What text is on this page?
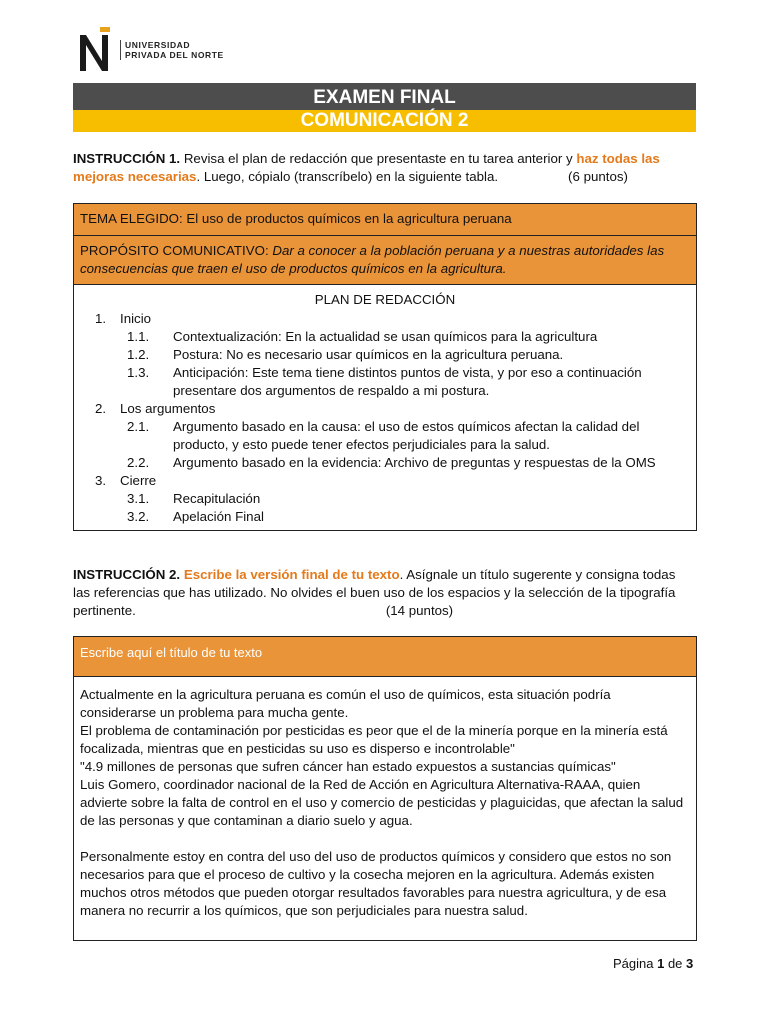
UNIVERSIDAD
PRIVADA DEL NORTE
EXAMEN FINAL
COMUNICACIÓN 2
INSTRUCCIÓN 1. Revisa el plan de redacción que presentaste en tu tarea anterior y haz todas las mejoras necesarias. Luego, cópialo (transcríbelo) en la siguiente tabla.	(6 puntos)
TEMA ELEGIDO: El uso de productos químicos en la agricultura peruana
PROPÓSITO COMUNICATIVO: Dar a conocer a la población peruana y a nuestras autoridades las consecuencias que traen el uso de productos químicos en la agricultura.
PLAN DE REDACCIÓN
1.	Inicio
1.1.	Contextualización: En la actualidad se usan químicos para la agricultura
1.2.	Postura: No es necesario usar químicos en la agricultura peruana.
1.3.	Anticipación: Este tema tiene distintos puntos de vista, y por eso a continuación presentare dos argumentos de respaldo a mi postura.
2.	Los argumentos
2.1.	Argumento basado en la causa: el uso de estos químicos afectan la calidad del producto, y esto puede tener efectos perjudiciales para la salud.
2.2.	Argumento basado en la evidencia: Archivo de preguntas y respuestas de la OMS
3.	Cierre
3.1.	Recapitulación
3.2.	Apelación Final
INSTRUCCIÓN 2. Escribe la versión final de tu texto. Asígnale un título sugerente y consigna todas las referencias que has utilizado. No olvides el buen uso de los espacios y la selección de la tipografía pertinente.	(14 puntos)
Escribe aquí el título de tu texto

Actualmente en la agricultura peruana es común el uso de químicos, esta situación podría considerarse un problema para mucha gente.

El problema de contaminación por pesticidas es peor que el de la minería porque en la minería está focalizada, mientras que en pesticidas su uso es disperso e incontrolable"

"4.9 millones de personas que sufren cáncer han estado expuestos a sustancias químicas"

Luis Gomero, coordinador nacional de la Red de Acción en Agricultura Alternativa-RAAA, quien advierte sobre la falta de control en el uso y comercio de pesticidas y plaguicidas, que afectan la salud de las personas y que contaminan a diario suelo y agua.

Personalmente estoy en contra del uso del uso de productos químicos y considero que estos no son necesarios para que el proceso de cultivo y la cosecha mejoren en la agricultura. Además existen muchos otros métodos que pueden otorgar resultados favorables para nuestra agricultura, y de esa manera no recurrir a los químicos, que son perjudiciales para nuestra salud.

Página 1 de 3
